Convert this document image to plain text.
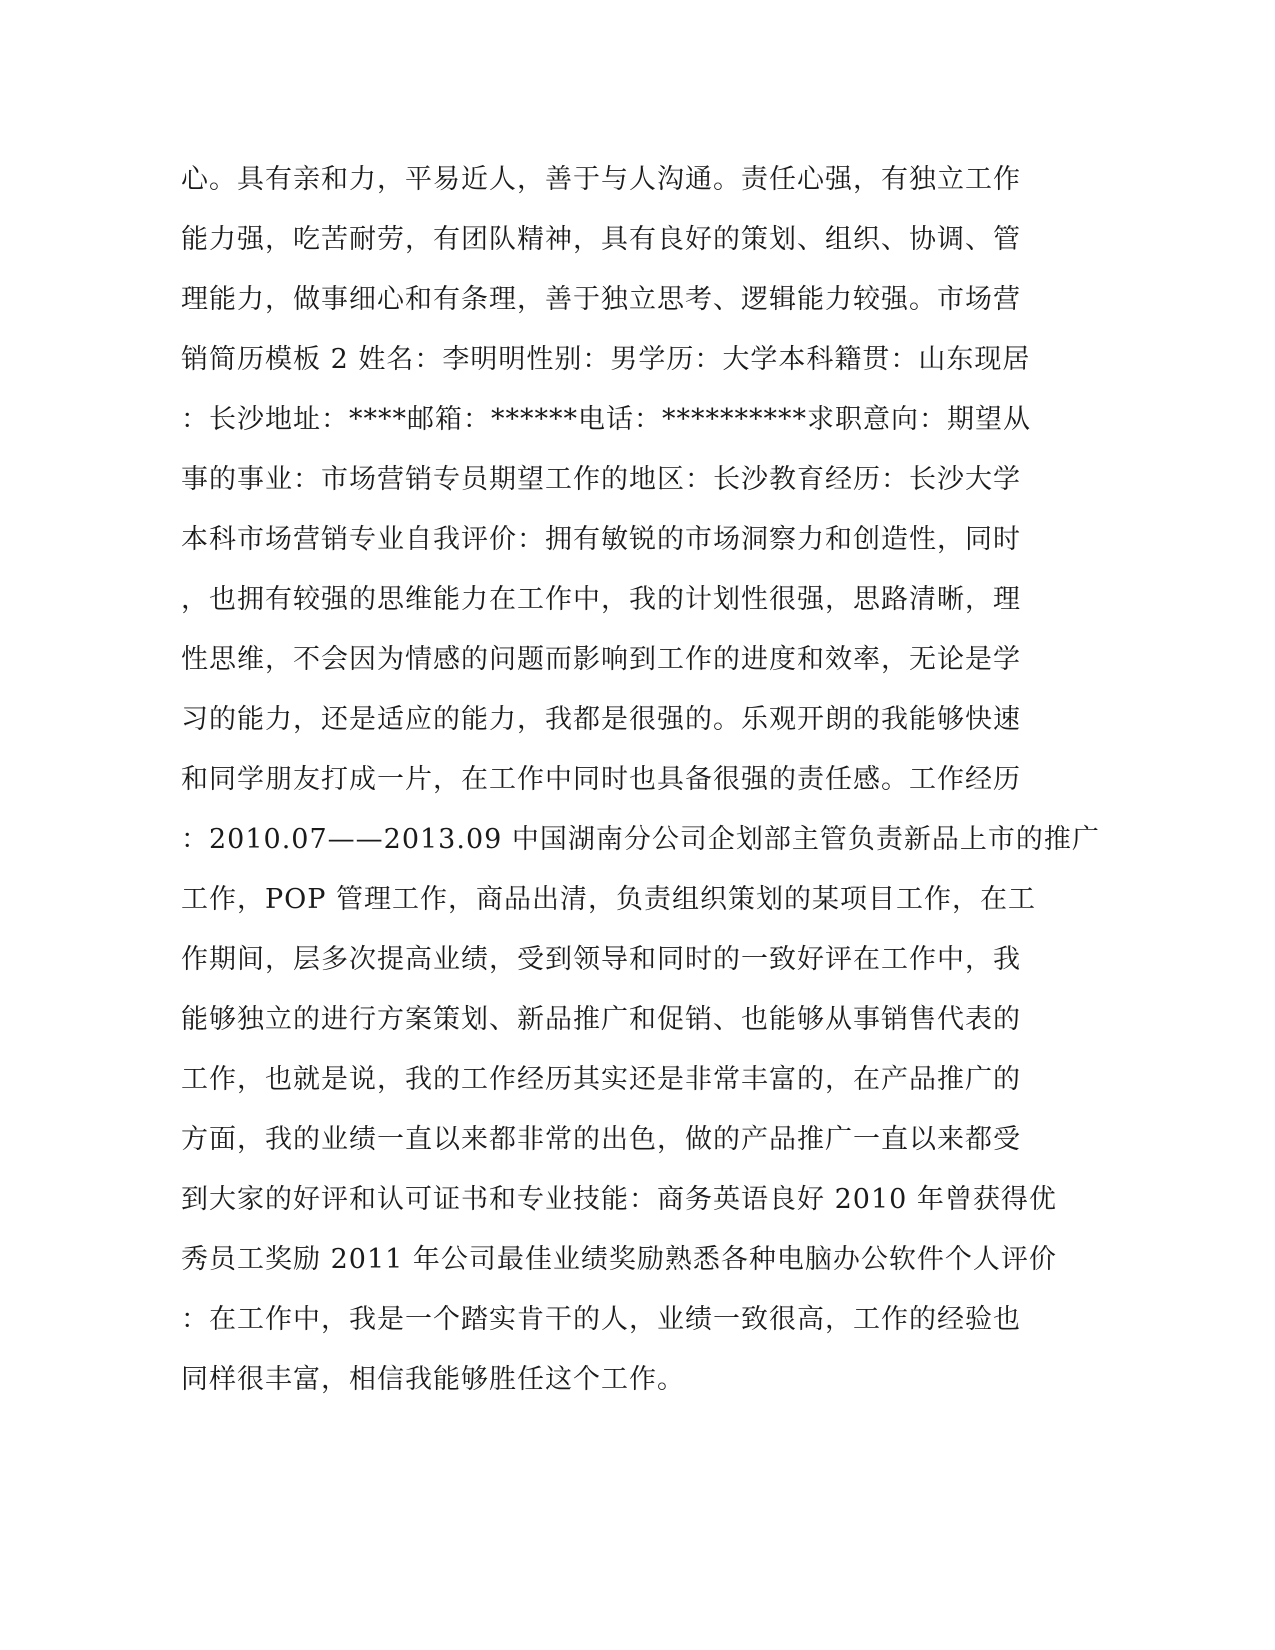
心。具有亲和力，平易近人，善于与人沟通。责任心强，有独立工作
能力强，吃苦耐劳，有团队精神，具有良好的策划、组织、协调、管
理能力，做事细心和有条理，善于独立思考、逻辑能力较强。市场营
销简历模板 2 姓名：李明明性别：男学历：大学本科籍贯：山东现居
：长沙地址：****邮箱：******电话：**********求职意向：期望从
事的事业：市场营销专员期望工作的地区：长沙教育经历：长沙大学
本科市场营销专业自我评价：拥有敏锐的市场洞察力和创造性，同时
，也拥有较强的思维能力在工作中，我的计划性很强，思路清晰，理
性思维，不会因为情感的问题而影响到工作的进度和效率，无论是学
习的能力，还是适应的能力，我都是很强的。乐观开朗的我能够快速
和同学朋友打成一片，在工作中同时也具备很强的责任感。工作经历
：2010.07——2013.09 中国湖南分公司企划部主管负责新品上市的推广
工作，POP 管理工作，商品出清，负责组织策划的某项目工作，在工
作期间，层多次提高业绩，受到领导和同时的一致好评在工作中，我
能够独立的进行方案策划、新品推广和促销、也能够从事销售代表的
工作，也就是说，我的工作经历其实还是非常丰富的，在产品推广的
方面，我的业绩一直以来都非常的出色，做的产品推广一直以来都受
到大家的好评和认可证书和专业技能：商务英语良好 2010 年曾获得优
秀员工奖励 2011 年公司最佳业绩奖励熟悉各种电脑办公软件个人评价
：在工作中，我是一个踏实肯干的人，业绩一致很高，工作的经验也
同样很丰富，相信我能够胜任这个工作。
